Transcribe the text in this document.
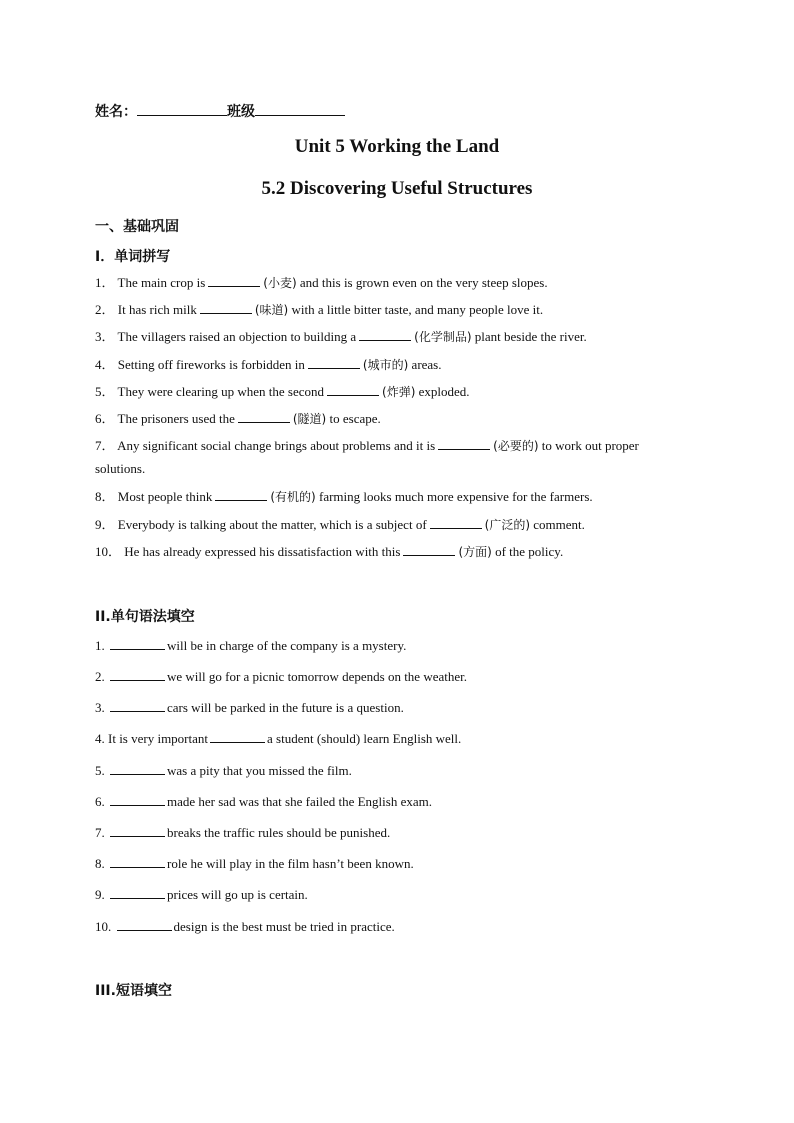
姓名：	班级
Unit 5 Working the Land
5.2 Discovering Useful Structures
一、基础巩固
I．单词拼写
1． The main crop is	(小麦) and this is grown even on the very steep slopes.
2． It has rich milk	(味道) with a little bitter taste, and many people love it.
3． The villagers raised an objection to building a	(化学制品) plant beside the river.
4． Setting off fireworks is forbidden in	(城市的) areas.
5． They were clearing up when the second	(炸弹) exploded.
6． The prisoners used the	(隧道) to escape.
7． Any significant social change brings about problems and it is	(必要的) to work out proper
solutions.
8． Most people think	(有机的) farming looks much more expensive for the farmers.
9． Everybody is talking about the matter, which is a subject of	(广泛的) comment.
10． He has already expressed his dissatisfaction with this	(方面) of the policy.
II.单句语法填空
1.	will be in charge of the company is a mystery.
2.	we will go for a picnic tomorrow depends on the weather.
3.	cars will be parked in the future is a question.
4. It is very important	a student (should) learn English well.
5.	was a pity that you missed the film.
6.	made her sad was that she failed the English exam.
7.	breaks the traffic rules should be punished.
8.	role he will play in the film hasn’t been known.
9.	prices will go up is certain.
10.	design is the best must be tried in practice.
III.短语填空
